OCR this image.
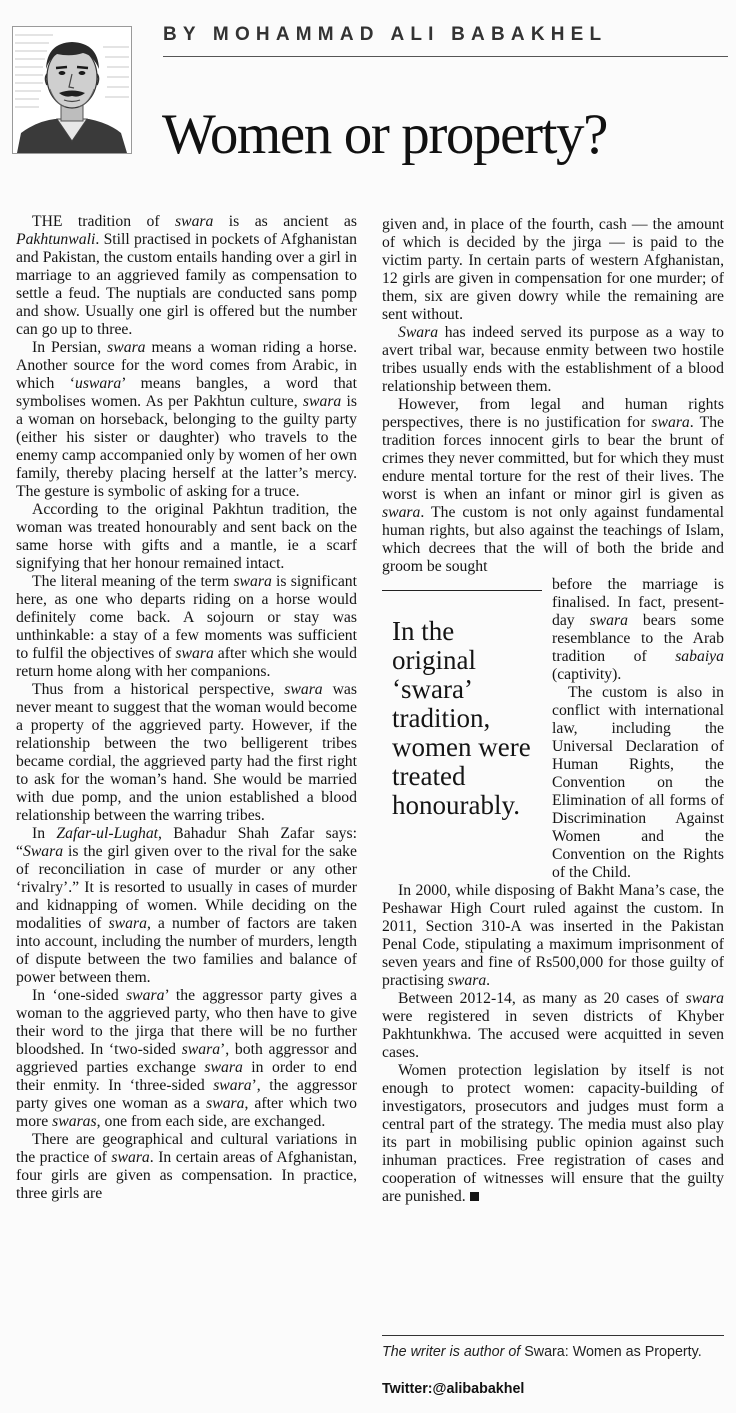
BY MOHAMMAD ALI BABAKHEL
Women or property?

THE tradition of swara is as ancient as Pakhtunwali. Still practised in pockets of Afghanistan and Pakistan, the custom entails handing over a girl in marriage to an aggrieved family as compensation to settle a feud. The nuptials are conducted sans pomp and show. Usually one girl is offered but the number can go up to three.

In Persian, swara means a woman riding a horse. Another source for the word comes from Arabic, in which ‘uswara’ means bangles, a word that symbolises women. As per Pakhtun culture, swara is a woman on horseback, belonging to the guilty party (either his sister or daughter) who travels to the enemy camp accompanied only by women of her own family, thereby placing herself at the latter’s mercy. The gesture is symbolic of asking for a truce.

According to the original Pakhtun tradition, the woman was treated honourably and sent back on the same horse with gifts and a mantle, ie a scarf signifying that her honour remained intact.

The literal meaning of the term swara is significant here, as one who departs riding on a horse would definitely come back. A sojourn or stay was unthinkable: a stay of a few moments was sufficient to fulfil the objectives of swara after which she would return home along with her companions.

Thus from a historical perspective, swara was never meant to suggest that the woman would become a property of the aggrieved party. However, if the relationship between the two belligerent tribes became cordial, the aggrieved party had the first right to ask for the woman’s hand. She would be married with due pomp, and the union established a blood relationship between the warring tribes.

In Zafar-ul-Lughat, Bahadur Shah Zafar says: “Swara is the girl given over to the rival for the sake of reconciliation in case of murder or any other ‘rivalry’.” It is resorted to usually in cases of murder and kidnapping of women. While deciding on the modalities of swara, a number of factors are taken into account, including the number of murders, length of dispute between the two families and balance of power between them.

In ‘one-sided swara’ the aggressor party gives a woman to the aggrieved party, who then have to give their word to the jirga that there will be no further bloodshed. In ‘two-sided swara’, both aggressor and aggrieved parties exchange swara in order to end their enmity. In ‘three-sided swara’, the aggressor party gives one woman as a swara, after which two more swaras, one from each side, are exchanged.

There are geographical and cultural variations in the practice of swara. In certain areas of Afghanistan, four girls are given as compensation. In practice, three girls are

given and, in place of the fourth, cash — the amount of which is decided by the jirga — is paid to the victim party. In certain parts of western Afghanistan, 12 girls are given in compensation for one murder; of them, six are given dowry while the remaining are sent without.

Swara has indeed served its purpose as a way to avert tribal war, because enmity between two hostile tribes usually ends with the establishment of a blood relationship between them.

However, from legal and human rights perspectives, there is no justification for swara. The tradition forces innocent girls to bear the brunt of crimes they never committed, but for which they must endure mental torture for the rest of their lives. The worst is when an infant or minor girl is given as swara. The custom is not only against fundamental human rights, but also against the teachings of Islam, which decrees that the will of both the bride and groom be sought

In the original ‘swara’ tradition, women were treated honourably.

before the marriage is finalised. In fact, present-day swara bears some resemblance to the Arab tradition of sabaiya (captivity).

The custom is also in conflict with international law, including the Universal Declaration of Human Rights, the Convention on the Elimination of all forms of Discrimination Against Women and the Convention on the Rights of the Child.

In 2000, while disposing of Bakht Mana’s case, the Peshawar High Court ruled against the custom. In 2011, Section 310-A was inserted in the Pakistan Penal Code, stipulating a maximum imprisonment of seven years and fine of Rs500,000 for those guilty of practising swara.

Between 2012-14, as many as 20 cases of swara were registered in seven districts of Khyber Pakhtunkhwa. The accused were acquitted in seven cases.

Women protection legislation by itself is not enough to protect women: capacity-building of investigators, prosecutors and judges must form a central part of the strategy. The media must also play its part in mobilising public opinion against such inhuman practices. Free registration of cases and cooperation of witnesses will ensure that the guilty are punished.

The writer is author of Swara: Women as Property.
Twitter:@alibabakhel
